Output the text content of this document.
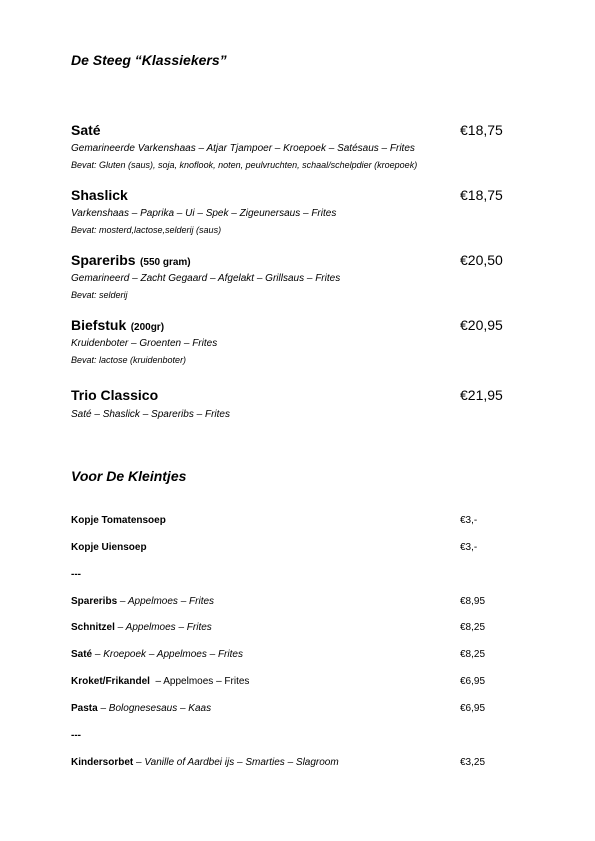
De Steeg “Klassiekers”
Saté	€18,75
Gemarineerde Varkenshaas – Atjar Tjampoer – Kroepoek – Satésaus – Frites
Bevat: Gluten (saus), soja, knoflook, noten, peulvruchten, schaal/schelpdier (kroepoek)
Shaslick	€18,75
Varkenshaas – Paprika – Ui – Spek – Zigeunersaus – Frites
Bevat: mosterd,lactose,selderij (saus)
Spareribs (550 gram)	€20,50
Gemarineerd – Zacht Gegaard – Afgelakt – Grillsaus – Frites
Bevat: selderij
Biefstuk (200gr)	€20,95
Kruidenboter – Groenten – Frites
Bevat: lactose (kruidenboter)
Trio Classico	€21,95
Saté – Shaslick – Spareribs – Frites
Voor De Kleintjes
Kopje Tomatensoep	€3,-
Kopje Uiensoep	€3,-
---
Spareribs – Appelmoes – Frites	€8,95
Schnitzel – Appelmoes – Frites	€8,25
Saté – Kroepoek – Appelmoes – Frites	€8,25
Kroket/Frikandel  – Appelmoes – Frites	€6,95
Pasta – Bolognesesaus – Kaas	€6,95
---
Kindersorbet – Vanille of Aardbei ijs – Smarties – Slagroom	€3,25
